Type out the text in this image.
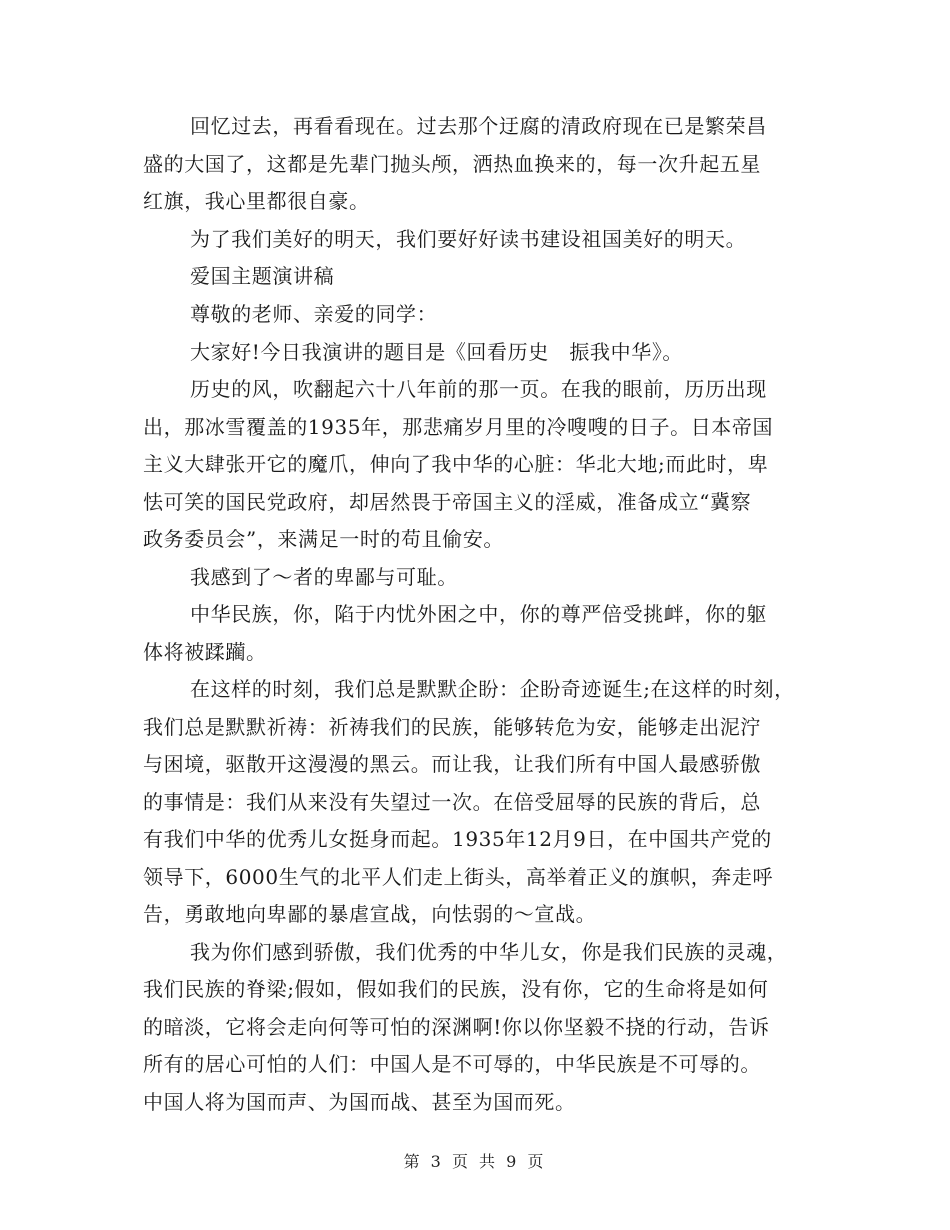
回忆过去，再看看现在。过去那个迂腐的清政府现在已是繁荣昌
盛的大国了，这都是先辈门抛头颅，洒热血换来的，每一次升起五星
红旗，我心里都很自豪。
为了我们美好的明天，我们要好好读书建设祖国美好的明天。
爱国主题演讲稿
尊敬的老师、亲爱的同学：
大家好!今日我演讲的题目是《回看历史　振我中华》。
历史的风，吹翻起六十八年前的那一页。在我的眼前，历历出现
出，那冰雪覆盖的1935年，那悲痛岁月里的冷嗖嗖的日子。日本帝国
主义大肆张开它的魔爪，伸向了我中华的心脏：华北大地;而此时，卑
怯可笑的国民党政府，却居然畏于帝国主义的淫威，准备成立“冀察
政务委员会”，来满足一时的苟且偷安。
我感到了～者的卑鄙与可耻。
中华民族，你，陷于内忧外困之中，你的尊严倍受挑衅，你的躯
体将被蹂躏。
在这样的时刻，我们总是默默企盼：企盼奇迹诞生;在这样的时刻，
我们总是默默祈祷：祈祷我们的民族，能够转危为安，能够走出泥泞
与困境，驱散开这漫漫的黑云。而让我，让我们所有中国人最感骄傲
的事情是：我们从来没有失望过一次。在倍受屈辱的民族的背后，总
有我们中华的优秀儿女挺身而起。1935年12月9日，在中国共产党的
领导下，6000生气的北平人们走上街头，高举着正义的旗帜，奔走呼
告，勇敢地向卑鄙的暴虐宣战，向怯弱的～宣战。
我为你们感到骄傲，我们优秀的中华儿女，你是我们民族的灵魂，
我们民族的脊梁;假如，假如我们的民族，没有你，它的生命将是如何
的暗淡，它将会走向何等可怕的深渊啊!你以你坚毅不挠的行动，告诉
所有的居心可怕的人们：中国人是不可辱的，中华民族是不可辱的。
中国人将为国而声、为国而战、甚至为国而死。
第 3 页 共 9 页
